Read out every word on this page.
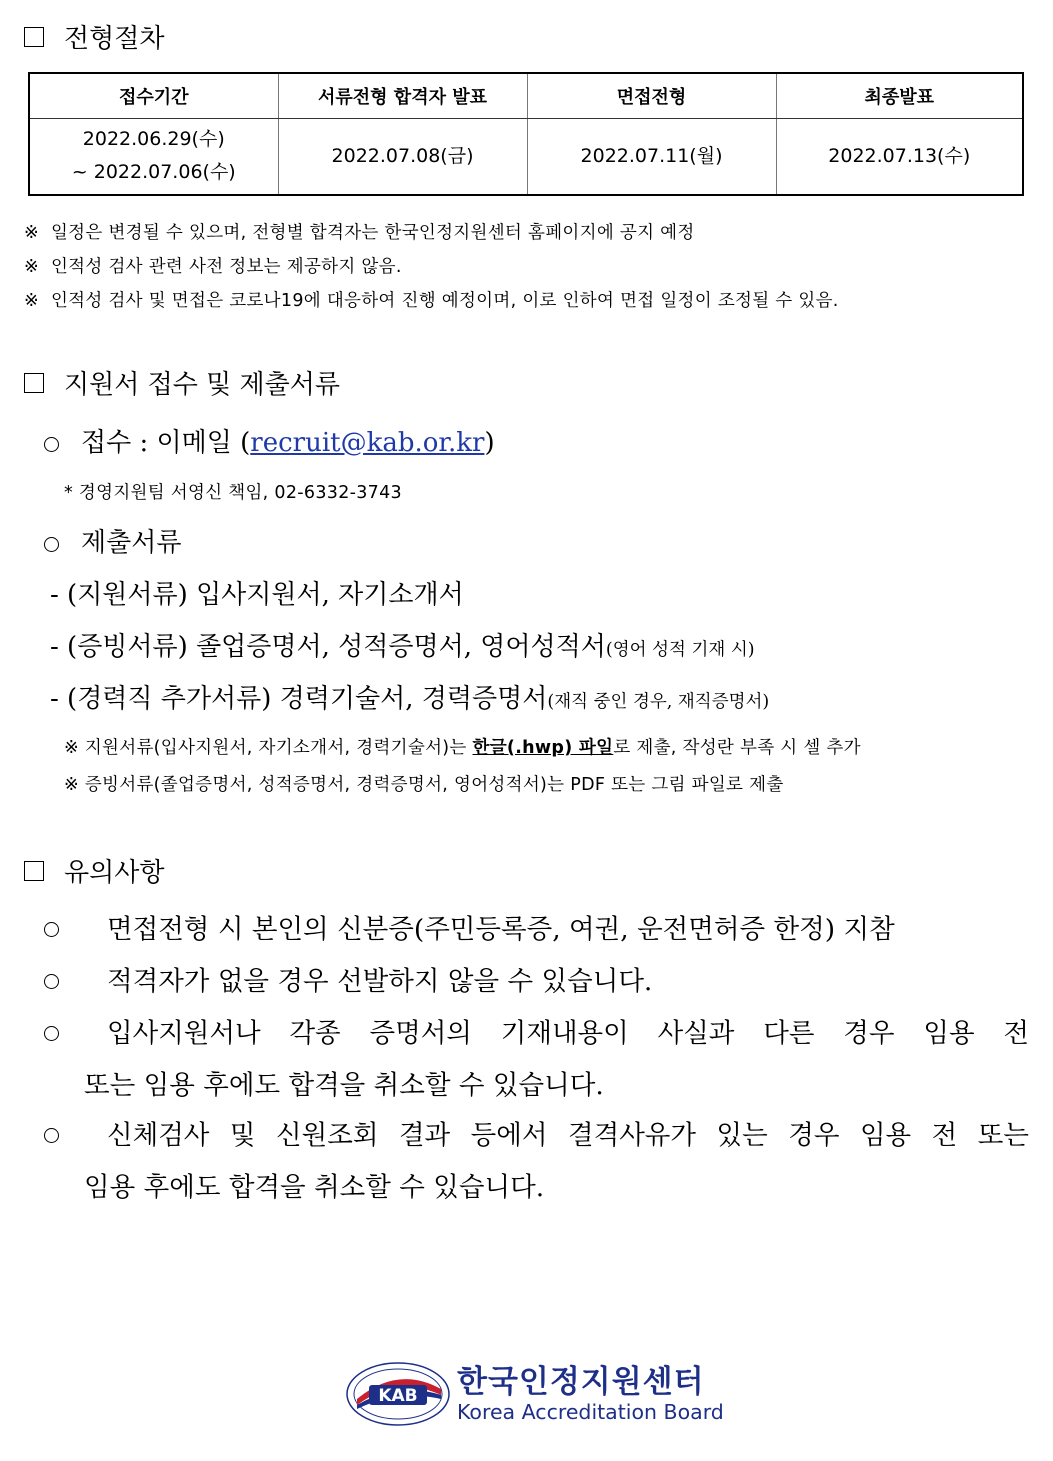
전형절차
접수기간	서류전형 합격자 발표	면접전형	최종발표

2022.06.29(수)
~ 2022.07.06(수)	2022.07.08(금)	2022.07.11(월)	2022.07.13(수)
※ 일정은 변경될 수 있으며, 전형별 합격자는 한국인정지원센터 홈페이지에 공지 예정
※ 인적성 검사 관련 사전 정보는 제공하지 않음.
※ 인적성 검사 및 면접은 코로나19에 대응하여 진행 예정이며, 이로 인하여 면접 일정이 조정될 수 있음.
지원서 접수 및 제출서류
접수 : 이메일 (recruit@kab.or.kr)
* 경영지원팀 서영신 책임, 02-6332-3743
제출서류
- (지원서류) 입사지원서, 자기소개서
- (증빙서류) 졸업증명서, 성적증명서, 영어성적서(영어 성적 기재 시)
- (경력직 추가서류) 경력기술서, 경력증명서(재직 중인 경우, 재직증명서)
※ 지원서류(입사지원서, 자기소개서, 경력기술서)는 한글(.hwp) 파일로 제출, 작성란 부족 시 셀 추가
※ 증빙서류(졸업증명서, 성적증명서, 경력증명서, 영어성적서)는 PDF 또는 그림 파일로 제출
유의사항
면접전형 시 본인의 신분증(주민등록증, 여권, 운전면허증 한정) 지참
적격자가 없을 경우 선발하지 않을 수 있습니다.
입사지원서나 각종 증명서의 기재내용이 사실과 다른 경우 임용 전
또는 임용 후에도 합격을 취소할 수 있습니다.
신체검사 및 신원조회 결과 등에서 결격사유가 있는 경우 임용 전 또는
임용 후에도 합격을 취소할 수 있습니다.
KAB 한국인정지원센터
Korea Accreditation Board
